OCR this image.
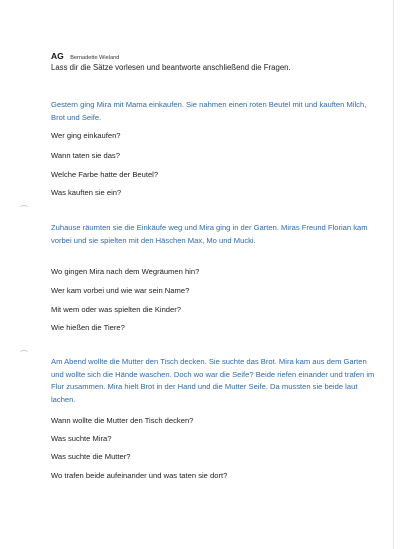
AG Bernadette Wieland
Lass dir die Sätze vorlesen und beantworte anschließend die Fragen.
Gestern ging Mira mit Mama einkaufen. Sie nahmen einen roten Beutel mit und kauften Milch, Brot und Seife.
Wer ging einkaufen?
Wann taten sie das?
Welche Farbe hatte der Beutel?
Was kauften sie ein?
Zuhause räumten sie die Einkäufe weg und Mira ging in der Garten. Miras Freund Florian kam vorbei und sie spielten mit den Häschen Max, Mo und Mucki.
Wo gingen Mira nach dem Wegräumen hin?
Wer kam vorbei und wie war sein Name?
Mit wem oder was spielten die Kinder?
Wie hießen die Tiere?
Am Abend wollte die Mutter den Tisch decken. Sie suchte das Brot. Mira kam aus dem Garten und wollte sich die Hände waschen. Doch wo war die Seife? Beide riefen einander und trafen im Flur zusammen. Mira hielt Brot in der Hand und die Mutter Seife. Da mussten sie beide laut lachen.
Wann wollte die Mutter den Tisch decken?
Was suchte Mira?
Was suchte die Mutter?
Wo trafen beide aufeinander und was taten sie dort?
